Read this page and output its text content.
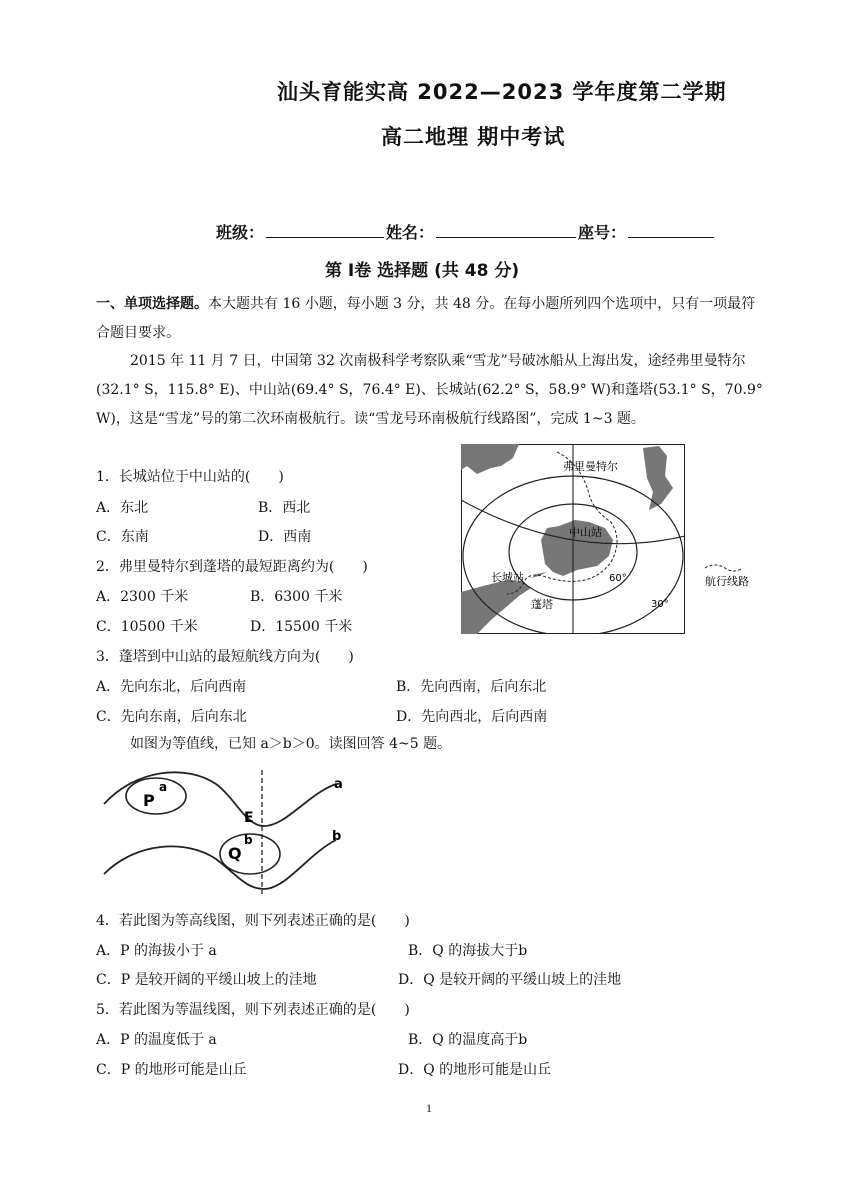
汕头育能实高 2022—2023 学年度第二学期
高二地理 期中考试
班级：	姓名：	座号：
第 Ⅰ卷 选择题 (共 48 分)
一、单项选择题。本大题共有 16 小题，每小题 3 分，共 48 分。在每小题所列四个选项中，只有一项最符合题目要求。
2015 年 11 月 7 日，中国第 32 次南极科学考察队乘“雪龙”号破冰船从上海出发，途经弗里曼特尔(32.1° S，115.8° E)、中山站(69.4° S，76.4° E)、长城站(62.2° S，58.9° W)和蓬塔(53.1° S，70.9° W)，这是“雪龙”号的第二次环南极航行。读“雪龙号环南极航行线路图”，完成 1~3 题。
弗里曼特尔
中山站
长城站
蓬塔
60°
30°
航行线路
1．长城站位于中山站的(　　)
A．东北	B．西北
C．东南	D．西南
2．弗里曼特尔到蓬塔的最短距离约为(　　)
A．2300 千米	B．6300 千米
C．10500 千米	D．15500 千米
3．蓬塔到中山站的最短航线方向为(　　)
A．先向东北，后向西南	B．先向西南，后向东北
C．先向东南，后向东北	D．先向西北，后向西南
如图为等值线，已知 a＞b＞0。读图回答 4~5 题。
P
a
Q
b
E
a
b
4．若此图为等高线图，则下列表述正确的是(　　)
A．P 的海拔小于 a	B．Q 的海拔大于b
C．P 是较开阔的平缓山坡上的洼地	D．Q 是较开阔的平缓山坡上的洼地
5．若此图为等温线图，则下列表述正确的是(　　)
A．P 的温度低于 a	B．Q 的温度高于b
C．P 的地形可能是山丘	D．Q 的地形可能是山丘
1
